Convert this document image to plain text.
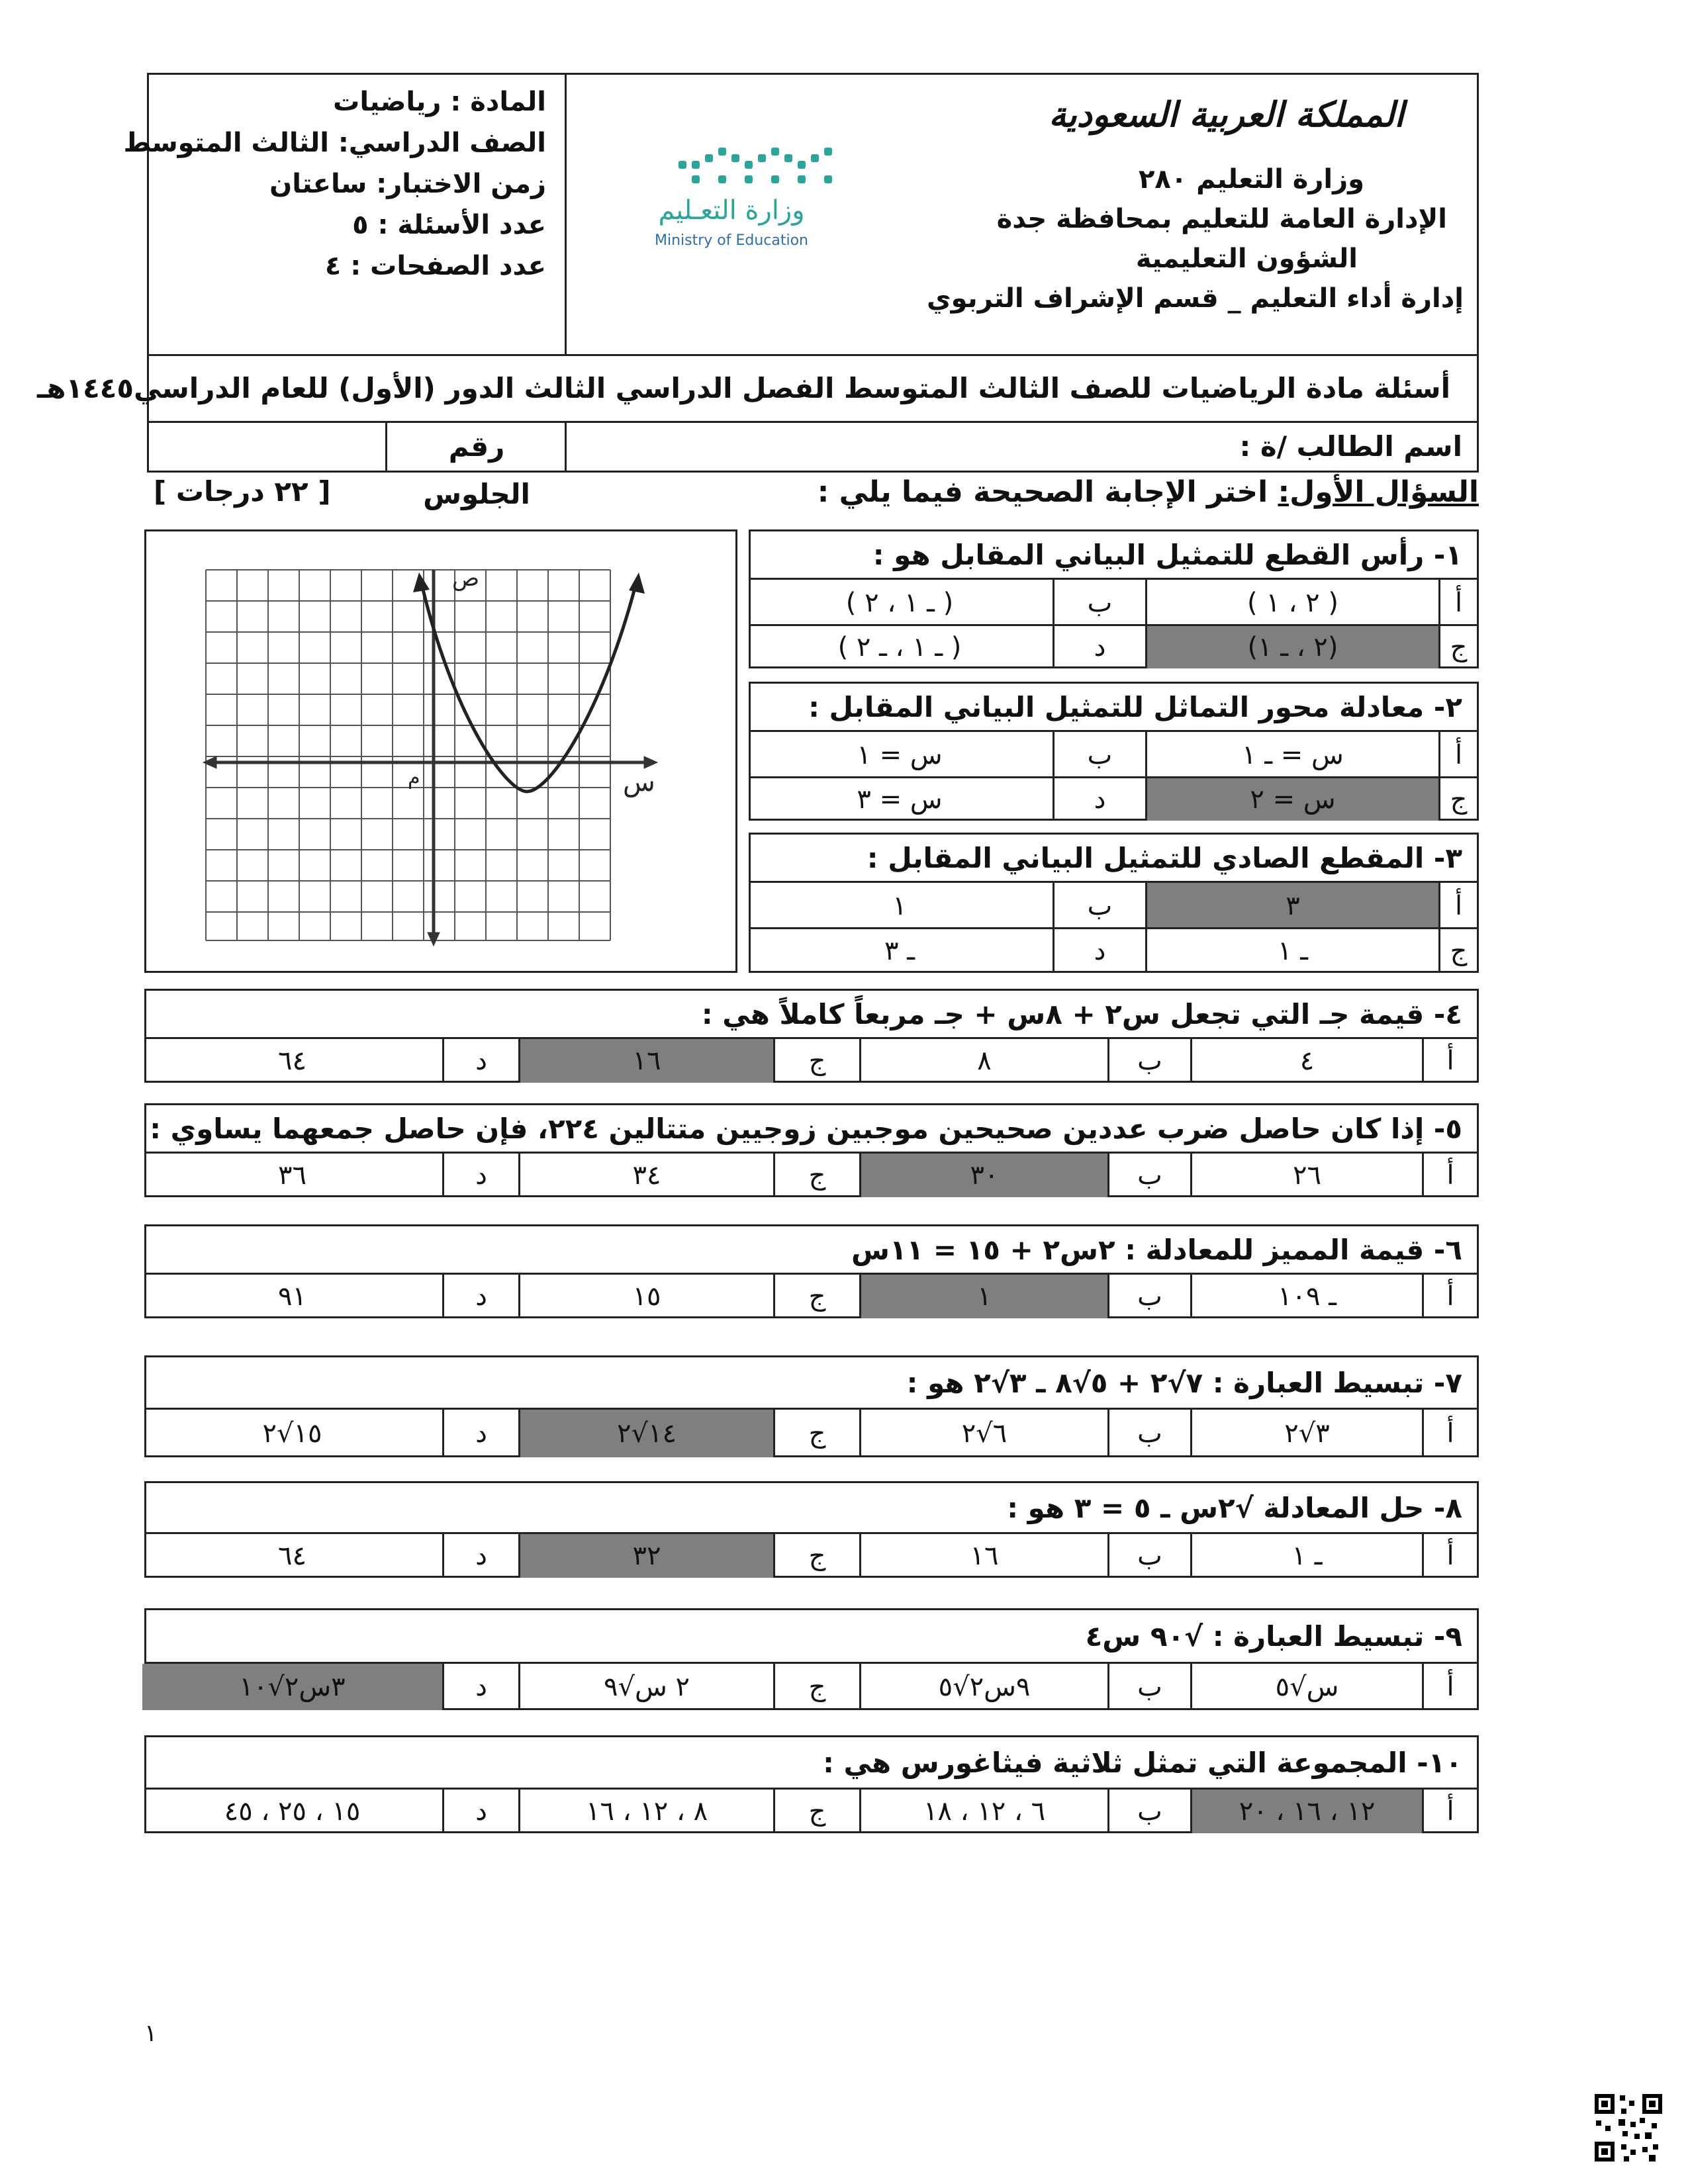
المادة : رياضيات
الصف الدراسي: الثالث المتوسط
زمن الاختبار: ساعتان
عدد الأسئلة : ٥
عدد الصفحات : ٤
وزارة التعـليم
Ministry of Education
المملكة العربية السعودية
وزارة التعليم ٢٨٠
الإدارة العامة للتعليم بمحافظة جدة
الشؤون التعليمية
إدارة أداء التعليم _ قسم الإشراف التربوي
أسئلة مادة الرياضيات للصف الثالث المتوسط الفصل الدراسي الثالث الدور (الأول) للعام الدراسي١٤٤٥هـ
اسم الطالب /ة :
رقم الجلوس	السؤال الأول: اختر الإجابة الصحيحة فيما يلي :
[ ٢٢ درجات ]
ص
س
م
١- رأس القطع للتمثيل البياني المقابل هو :
أ
( ٢ ، ١ )
ب
( ـ ١ ، ٢ )
ج
(٢ ، ـ ١)
د
( ـ ١ ، ـ ٢ )
٢- معادلة محور التماثل للتمثيل البياني المقابل :
أ
س = ـ ١
ب
س = ١
ج
س = ٢
د
س = ٣
٣- المقطع الصادي للتمثيل البياني المقابل :
أ
٣
ب
١
ج
ـ ١
د
ـ ٣
٤- قيمة جـ التي تجعل س٢ + ٨س + جـ مربعاً كاملاً هي :
أ
٤
ب
٨
ج
١٦
د
٦٤
٥- إذا كان حاصل ضرب عددين صحيحين موجبين زوجيين متتالين ٢٢٤، فإن حاصل جمعهما يساوي :
أ
٢٦
ب
٣٠
ج
٣٤
د
٣٦
٦- قيمة المميز للمعادلة : ٢س٢ + ١٥ = ١١س
أ
ـ ١٠٩
ب
١
ج
١٥
د
٩١
٧- تبسيط العبارة : ٧√٢ + ٥√٨ ـ ٣√٢ هو :
أ
٣√٢
ب
٦√٢
ج
١٤√٢
د
١٥√٢
٨- حل المعادلة √٢س ـ ٥ = ٣ هو :
أ
ـ ١
ب
١٦
ج
٣٢
د
٦٤
٩- تبسيط العبارة : √٩٠ س٤
أ
س√٥
ب
٩س٢√٥
ج
٢ س√٩
د
٣س٢√١٠
١٠- المجموعة التي تمثل ثلاثية فيثاغورس هي :
أ
١٢ ، ١٦ ، ٢٠
ب
٦ ، ١٢ ، ١٨
ج
٨ ، ١٢ ، ١٦
د
١٥ ، ٢٥ ، ٤٥
١
